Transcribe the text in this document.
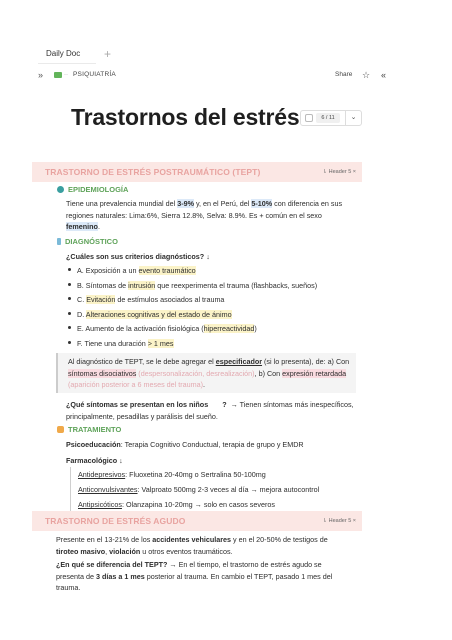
Daily Doc	+
»	·· PSIQUIATRÍA	Share ☆ «
Trastornos del estrés	6 / 11	⌄
TRASTORNO DE ESTRÉS POSTRAUMÁTICO (TEPT)	⇂ Header 5 ×
EPIDEMIOLOGÍA
Tiene una prevalencia mundial del 3-9% y, en el Perú, del 5-10% con diferencia en sus regiones naturales: Lima:6%, Sierra 12.8%, Selva: 8.9%. Es + común en el sexo femenino.
DIAGNÓSTICO
¿Cuáles son sus criterios diagnósticos? ↓
A. Exposición a un evento traumático
B. Síntomas de intrusión que reexperimenta el trauma (flashbacks, sueños)
C. Evitación de estímulos asociados al trauma
D. Alteraciones cognitivas y del estado de ánimo
E. Aumento de la activación fisiológica (hiperreactividad)
F. Tiene una duración > 1 mes
Al diagnóstico de TEPT, se le debe agregar el especificador (si lo presenta), de: a) Con síntomas disociativos (despersonalización, desrealización), b) Con expresión retardada (aparición posterior a 6 meses del trauma).
¿Qué síntomas se presentan en los niños ? → Tienen síntomas más inespecíficos, principalmente, pesadillas y parálisis del sueño.
TRATAMIENTO
Psicoeducación: Terapia Cognitivo Conductual, terapia de grupo y EMDR
Farmacológico ↓
Antidepresivos: Fluoxetina 20-40mg o Sertralina 50-100mg
Anticonvulsivantes: Valproato 500mg 2-3 veces al día → mejora autocontrol
Antipsicóticos: Olanzapina 10-20mg → solo en casos severos
TRASTORNO DE ESTRÉS AGUDO	⇂ Header 5 ×
Presente en el 13-21% de los accidentes vehiculares y en el 20-50% de testigos de tiroteo masivo, violación u otros eventos traumáticos.
¿En qué se diferencia del TEPT? → En el tiempo, el trastorno de estrés agudo se presenta de 3 días a 1 mes posterior al trauma. En cambio el TEPT, pasado 1 mes del trauma.
